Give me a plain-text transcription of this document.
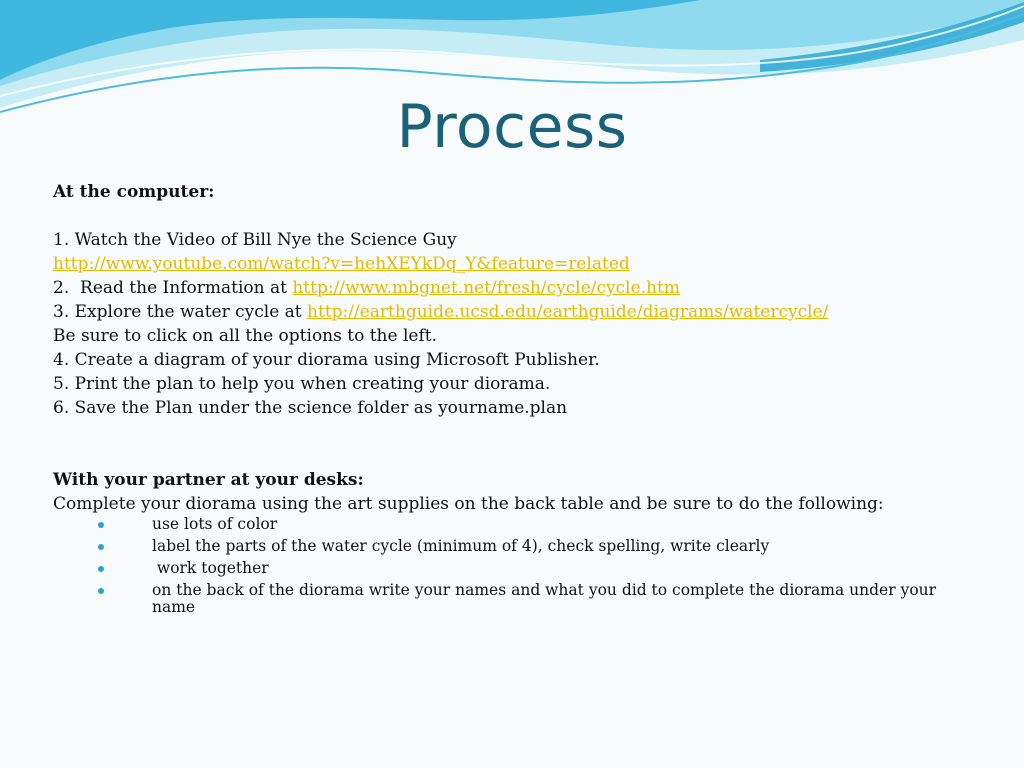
Process
At the computer:
1. Watch the Video of Bill Nye the Science Guy
http://www.youtube.com/watch?v=hehXEYkDq_Y&feature=related
2.  Read the Information at http://www.mbgnet.net/fresh/cycle/cycle.htm
3. Explore the water cycle at http://earthguide.ucsd.edu/earthguide/diagrams/watercycle/
Be sure to click on all the options to the left.
4. Create a diagram of your diorama using Microsoft Publisher.
5. Print the plan to help you when creating your diorama.
6. Save the Plan under the science folder as yourname.plan
With your partner at your desks:
Complete your diorama using the art supplies on the back table and be sure to do the following:
use lots of color
label the parts of the water cycle (minimum of 4), check spelling, write clearly
work together
on the back of the diorama write your names and what you did to complete the diorama under your name
